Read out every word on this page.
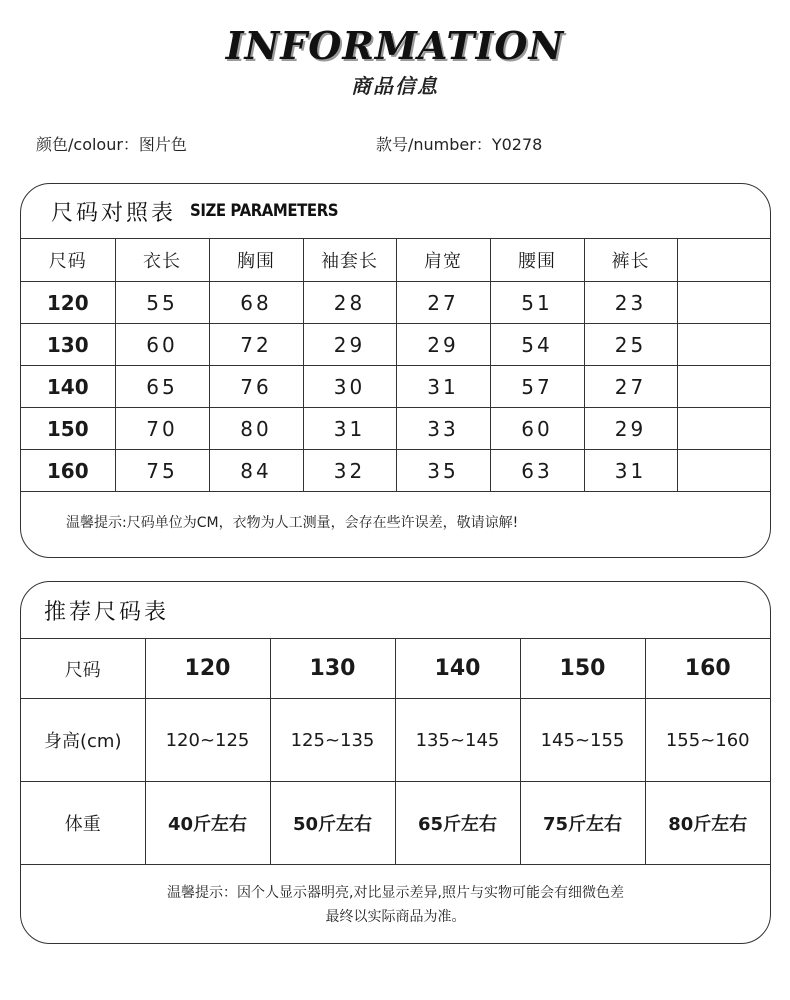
INFORMATION
商品信息
颜色/colour：图片色	款号/number：Y0278
尺码对照表 SIZE PARAMETERS
尺码	衣长	胸围	袖套长	肩宽	腰围	裤长	
120	55	68	28	27	51	23	
130	60	72	29	29	54	25	
140	65	76	30	31	57	27	
150	70	80	31	33	60	29	
160	75	84	32	35	63	31	
温馨提示:尺码单位为CM，衣物为人工测量，会存在些许误差，敬请谅解!
推荐尺码表
尺码	120	130	140	150	160
身高(cm)	120~125	125~135	135~145	145~155	155~160
体重	40斤左右	50斤左右	65斤左右	75斤左右	80斤左右
温馨提示：因个人显示器明亮,对比显示差异,照片与实物可能会有细微色差
最终以实际商品为准。
